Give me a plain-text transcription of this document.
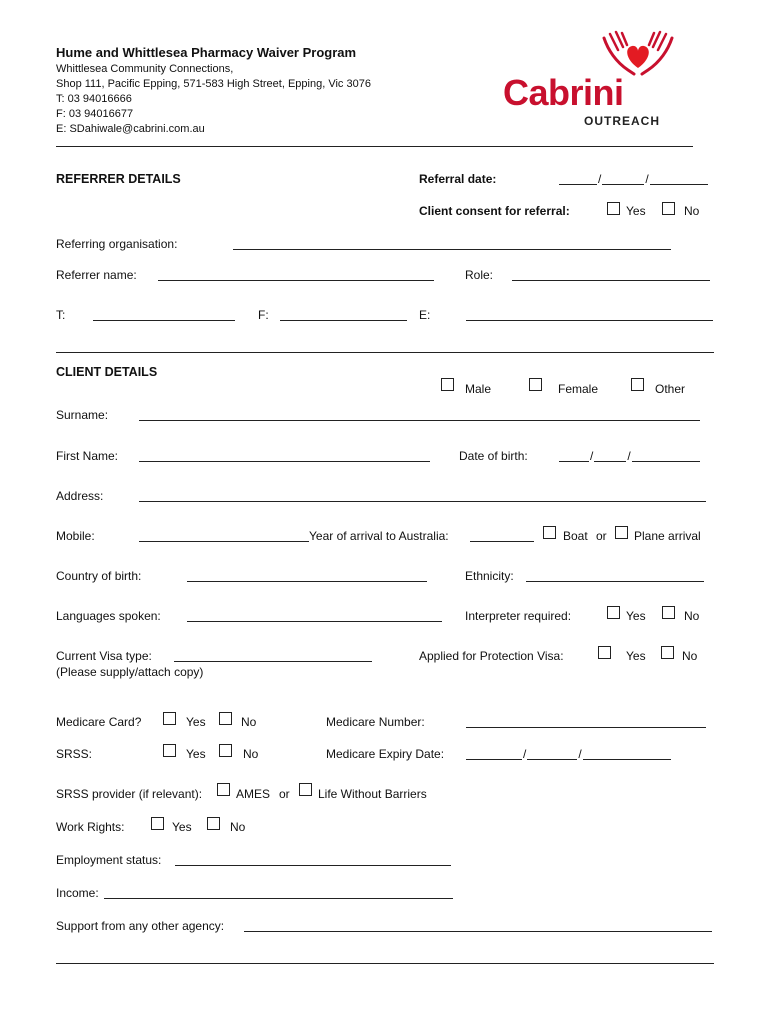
Hume and Whittlesea Pharmacy Waiver Program
Whittlesea Community Connections,
Shop 111, Pacific Epping, 571-583 High Street, Epping, Vic 3076
T: 03 94016666
F: 03 94016677
E: SDahiwale@cabrini.com.au
Cabrini
OUTREACH
REFERRER DETAILS	Referral date:	/	/
Client consent for referral:	Yes	No
Referring organisation:
Referrer name:	Role:
T:	F:	E:
CLIENT DETAILS
Male	Female	Other
Surname:
First Name:	Date of birth:	/	/
Address:
Mobile:	Year of arrival to Australia:	Boat or Plane arrival
Country of birth:	Ethnicity:
Languages spoken:	Interpreter required:	Yes	No
Current Visa type:
(Please supply/attach copy)
Applied for Protection Visa:	Yes	No
Medicare Card?	Yes	No	Medicare Number:
SRSS:	Yes	No	Medicare Expiry Date:	/	/
SRSS provider (if relevant):	AMES or Life Without Barriers
Work Rights:	Yes	No
Employment status:
Income:
Support from any other agency:
